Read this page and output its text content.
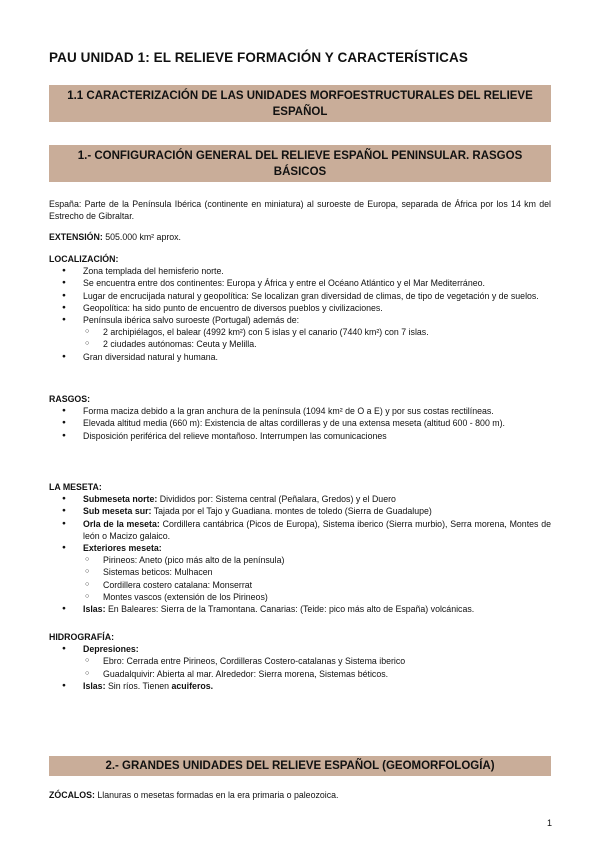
PAU UNIDAD 1: EL RELIEVE FORMACIÓN Y CARACTERÍSTICAS
1.1 CARACTERIZACIÓN DE LAS UNIDADES MORFOESTRUCTURALES DEL RELIEVE ESPAÑOL
1.- CONFIGURACIÓN GENERAL DEL RELIEVE ESPAÑOL PENINSULAR. RASGOS BÁSICOS
España: Parte de la Península Ibérica (continente en miniatura) al suroeste de Europa, separada de África por los 14 km del Estrecho de Gibraltar.
EXTENSIÓN: 505.000 km² aprox.
LOCALIZACIÓN:
● Zona templada del hemisferio norte.
● Se encuentra entre dos continentes: Europa y África y entre el Océano Atlántico y el Mar Mediterráneo.
● Lugar de encrucijada natural y geopolítica: Se localizan gran diversidad de climas, de tipo de vegetación y de suelos.
● Geopolítica: ha sido punto de encuentro de diversos pueblos y civilizaciones.
● Península ibérica salvo suroeste (Portugal) además de:
○ 2 archipiélagos, el balear (4992 km²) con 5 islas y el canario (7440 km²) con 7 islas.
○ 2 ciudades autónomas: Ceuta y Melilla.
● Gran diversidad natural y humana.
RASGOS:
● Forma maciza debido a la gran anchura de la península (1094 km² de O a E) y por sus costas rectilíneas.
● Elevada altitud media (660 m): Existencia de altas cordilleras y de una extensa meseta (altitud 600 - 800 m).
● Disposición periférica del relieve montañoso. Interrumpen las comunicaciones
LA MESETA:
● Submeseta norte: Divididos por: Sistema central (Peñalara, Gredos) y el Duero
● Sub meseta sur: Tajada por el Tajo y Guadiana. montes de toledo (Sierra de Guadalupe)
● Orla de la meseta: Cordillera cantábrica (Picos de Europa), Sistema iberico (Sierra murbio), Serra morena, Montes de león o Macizo galaico.
● Exteriores meseta:
○ Pirineos: Aneto (pico más alto de la península)
○ Sistemas beticos: Mulhacen
○ Cordillera costero catalana: Monserrat
○ Montes vascos (extensión de los Pirineos)
● Islas: En Baleares: Sierra de la Tramontana. Canarias: (Teide: pico más alto de España) volcánicas.
HIDROGRAFÍA:
● Depresiones:
○ Ebro: Cerrada entre Pirineos, Cordilleras Costero-catalanas y Sistema iberico
○ Guadalquivir: Abierta al mar. Alrededor: Sierra morena, Sistemas béticos.
● Islas: Sin ríos. Tienen acuiferos.
2.- GRANDES UNIDADES DEL RELIEVE ESPAÑOL (GEOMORFOLOGÍA)
ZÓCALOS: Llanuras o mesetas formadas en la era primaria o paleozoica.
1
